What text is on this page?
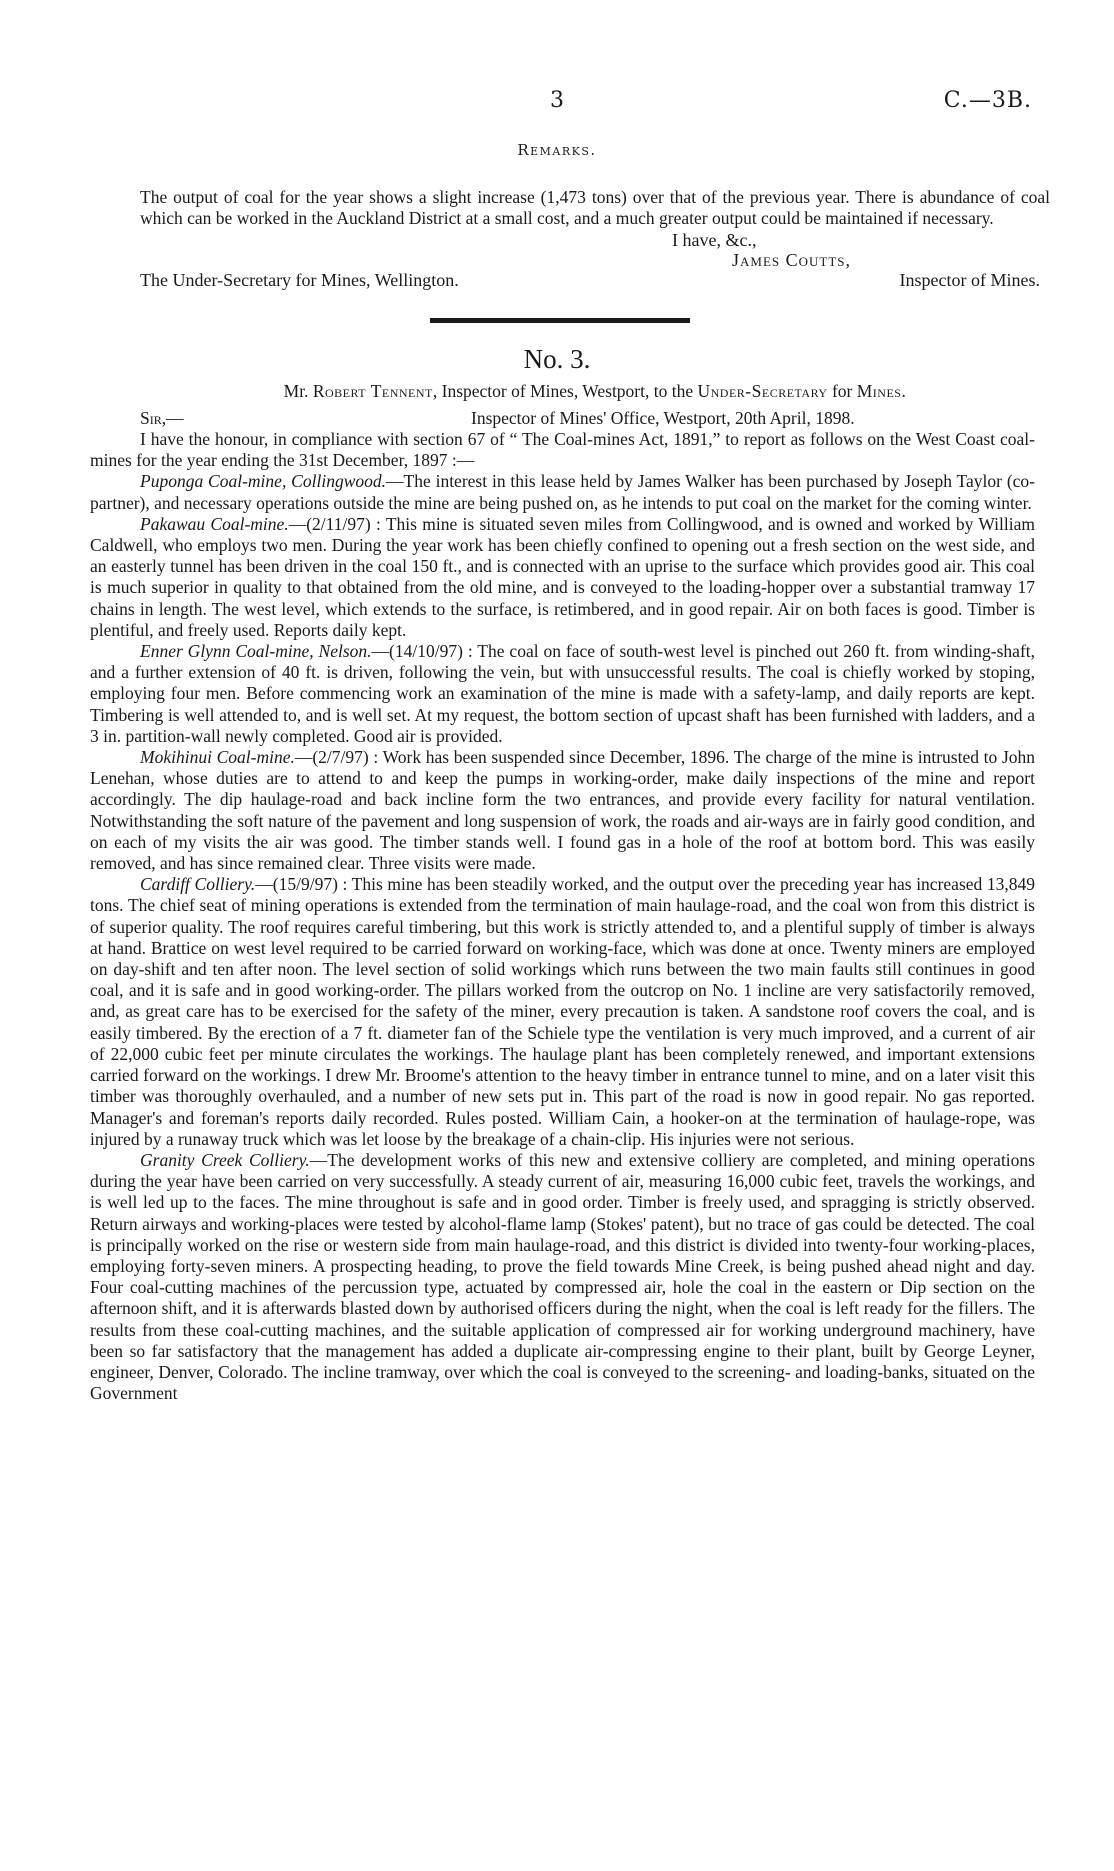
3	C.—3B.
Remarks.
The output of coal for the year shows a slight increase (1,473 tons) over that of the previous year. There is abundance of coal which can be worked in the Auckland District at a small cost, and a much greater output could be maintained if necessary.
I have, &c.,
James Coutts,
The Under-Secretary for Mines, Wellington.	Inspector of Mines.
No. 3.
Mr. Robert Tennent, Inspector of Mines, Westport, to the Under-Secretary for Mines.
Sir,—	Inspector of Mines' Office, Westport, 20th April, 1898.

I have the honour, in compliance with section 67 of “ The Coal-mines Act, 1891,” to report as follows on the West Coast coal-mines for the year ending the 31st December, 1897 :—

Puponga Coal-mine, Collingwood.—The interest in this lease held by James Walker has been purchased by Joseph Taylor (co-partner), and necessary operations outside the mine are being pushed on, as he intends to put coal on the market for the coming winter.

Pakawau Coal-mine.—(2/11/97) : This mine is situated seven miles from Collingwood, and is owned and worked by William Caldwell, who employs two men. During the year work has been chiefly confined to opening out a fresh section on the west side, and an easterly tunnel has been driven in the coal 150 ft., and is connected with an uprise to the surface which provides good air. This coal is much superior in quality to that obtained from the old mine, and is conveyed to the loading-hopper over a substantial tramway 17 chains in length. The west level, which extends to the surface, is retimbered, and in good repair. Air on both faces is good. Timber is plentiful, and freely used. Reports daily kept.

Enner Glynn Coal-mine, Nelson.—(14/10/97) : The coal on face of south-west level is pinched out 260 ft. from winding-shaft, and a further extension of 40 ft. is driven, following the vein, but with unsuccessful results. The coal is chiefly worked by stoping, employing four men. Before commencing work an examination of the mine is made with a safety-lamp, and daily reports are kept. Timbering is well attended to, and is well set. At my request, the bottom section of upcast shaft has been furnished with ladders, and a 3 in. partition-wall newly completed. Good air is provided.

Mokihinui Coal-mine.—(2/7/97) : Work has been suspended since December, 1896. The charge of the mine is intrusted to John Lenehan, whose duties are to attend to and keep the pumps in working-order, make daily inspections of the mine and report accordingly. The dip haulage-road and back incline form the two entrances, and provide every facility for natural ventilation. Notwithstanding the soft nature of the pavement and long suspension of work, the roads and air-ways are in fairly good condition, and on each of my visits the air was good. The timber stands well. I found gas in a hole of the roof at bottom bord. This was easily removed, and has since remained clear. Three visits were made.

Cardiff Colliery.—(15/9/97) : This mine has been steadily worked, and the output over the preceding year has increased 13,849 tons. The chief seat of mining operations is extended from the termination of main haulage-road, and the coal won from this district is of superior quality. The roof requires careful timbering, but this work is strictly attended to, and a plentiful supply of timber is always at hand. Brattice on west level required to be carried forward on working-face, which was done at once. Twenty miners are employed on day-shift and ten after noon. The level section of solid workings which runs between the two main faults still continues in good coal, and it is safe and in good working-order. The pillars worked from the outcrop on No. 1 incline are very satisfactorily removed, and, as great care has to be exercised for the safety of the miner, every precaution is taken. A sandstone roof covers the coal, and is easily timbered. By the erection of a 7 ft. diameter fan of the Schiele type the ventilation is very much improved, and a current of air of 22,000 cubic feet per minute circulates the workings. The haulage plant has been completely renewed, and important extensions carried forward on the workings. I drew Mr. Broome's attention to the heavy timber in entrance tunnel to mine, and on a later visit this timber was thoroughly overhauled, and a number of new sets put in. This part of the road is now in good repair. No gas reported. Manager's and foreman's reports daily recorded. Rules posted. William Cain, a hooker-on at the termination of haulage-rope, was injured by a runaway truck which was let loose by the breakage of a chain-clip. His injuries were not serious.

Granity Creek Colliery.—The development works of this new and extensive colliery are completed, and mining operations during the year have been carried on very successfully. A steady current of air, measuring 16,000 cubic feet, travels the workings, and is well led up to the faces. The mine throughout is safe and in good order. Timber is freely used, and spragging is strictly observed. Return airways and working-places were tested by alcohol-flame lamp (Stokes' patent), but no trace of gas could be detected. The coal is principally worked on the rise or western side from main haulage-road, and this district is divided into twenty-four working-places, employing forty-seven miners. A prospecting heading, to prove the field towards Mine Creek, is being pushed ahead night and day. Four coal-cutting machines of the percussion type, actuated by compressed air, hole the coal in the eastern or Dip section on the afternoon shift, and it is afterwards blasted down by authorised officers during the night, when the coal is left ready for the fillers. The results from these coal-cutting machines, and the suitable application of compressed air for working underground machinery, have been so far satisfactory that the management has added a duplicate air-compressing engine to their plant, built by George Leyner, engineer, Denver, Colorado. The incline tramway, over which the coal is conveyed to the screening- and loading-banks, situated on the Government
